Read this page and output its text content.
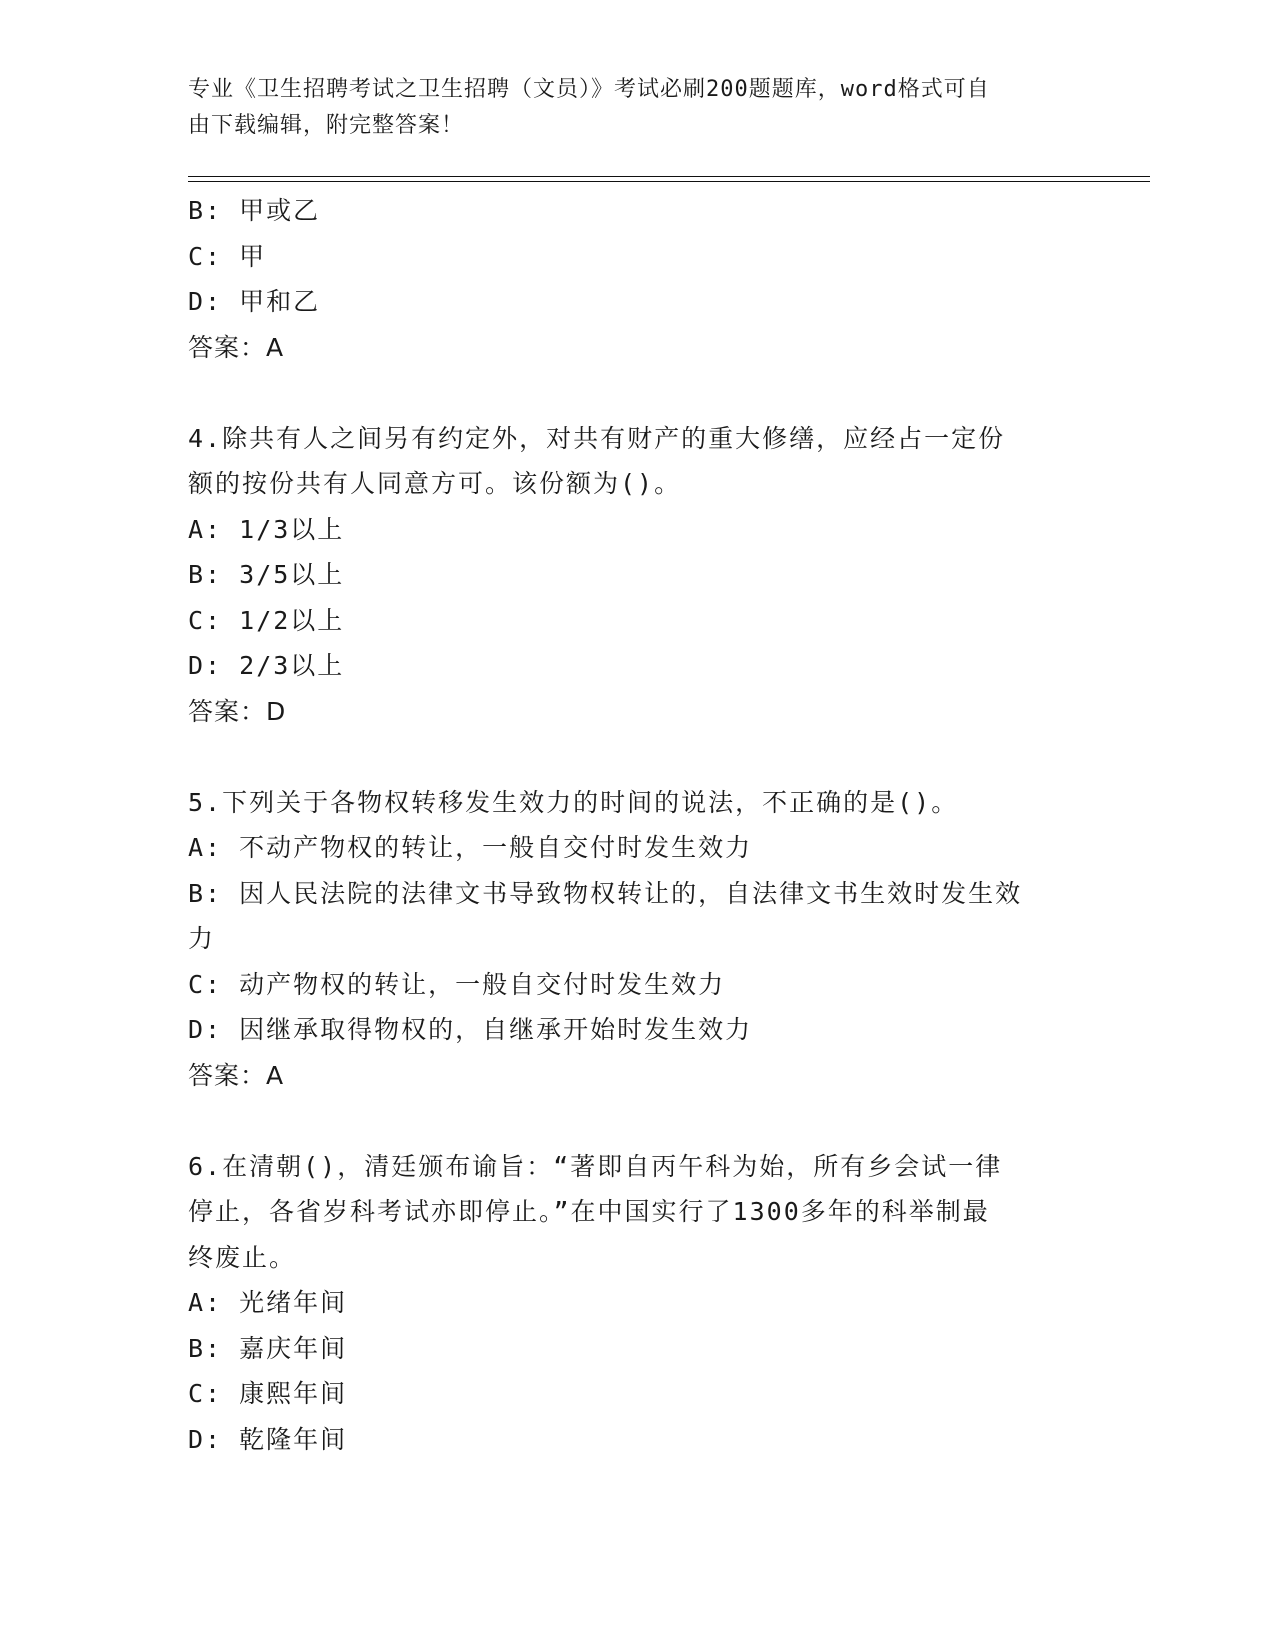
专业《卫生招聘考试之卫生招聘（文员）》考试必刷200题题库，word格式可自
由下载编辑，附完整答案！
B: 甲或乙
C: 甲
D: 甲和乙
答案：A
4.除共有人之间另有约定外，对共有财产的重大修缮，应经占一定份
额的按份共有人同意方可。该份额为()。
A: 1/3以上
B: 3/5以上
C: 1/2以上
D: 2/3以上
答案：D
5.下列关于各物权转移发生效力的时间的说法，不正确的是()。
A: 不动产物权的转让，一般自交付时发生效力
B: 因人民法院的法律文书导致物权转让的，自法律文书生效时发生效
力
C: 动产物权的转让，一般自交付时发生效力
D: 因继承取得物权的，自继承开始时发生效力
答案：A
6.在清朝()，清廷颁布谕旨：“著即自丙午科为始，所有乡会试一律
停止，各省岁科考试亦即停止。”在中国实行了1300多年的科举制最
终废止。
A: 光绪年间
B: 嘉庆年间
C: 康熙年间
D: 乾隆年间
